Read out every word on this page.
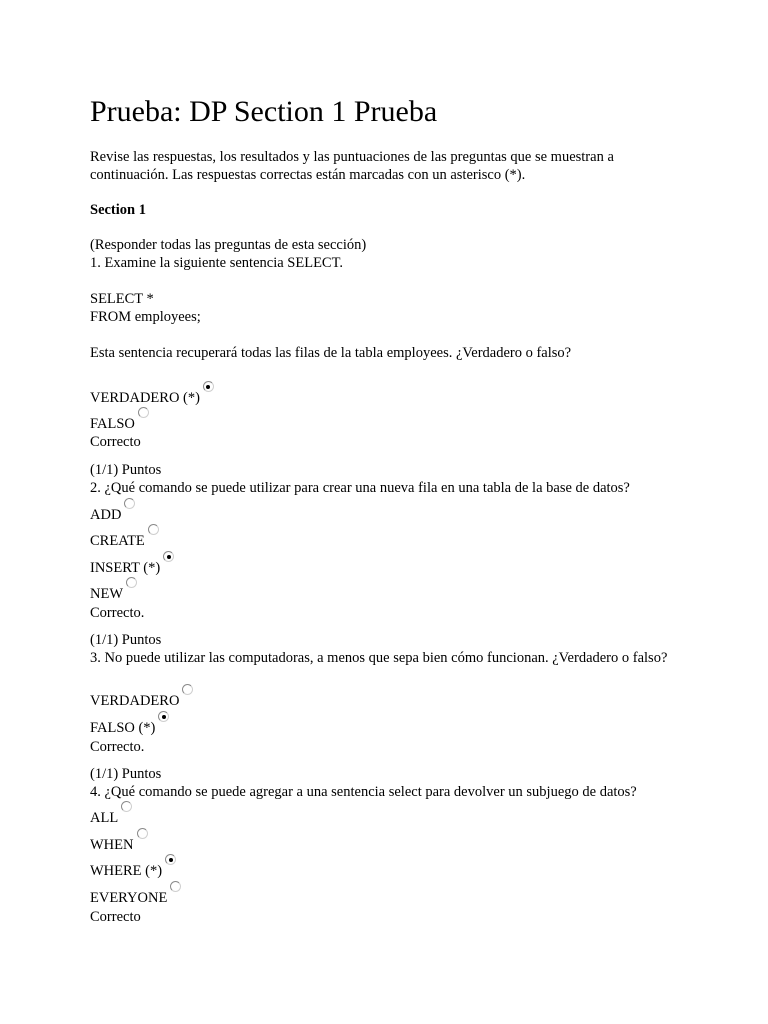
Prueba: DP Section 1 Prueba
Revise las respuestas, los resultados y las puntuaciones de las preguntas que se muestran a continuación. Las respuestas correctas están marcadas con un asterisco (*).
Section 1
(Responder todas las preguntas de esta sección)
1. Examine la siguiente sentencia SELECT.
SELECT *
FROM employees;
Esta sentencia recuperará todas las filas de la tabla employees. ¿Verdadero o falso?
VERDADERO (*)
FALSO
Correcto
(1/1) Puntos
2. ¿Qué comando se puede utilizar para crear una nueva fila en una tabla de la base de datos?
ADD
CREATE
INSERT (*)
NEW
Correcto.
(1/1) Puntos
3. No puede utilizar las computadoras, a menos que sepa bien cómo funcionan. ¿Verdadero o falso?
VERDADERO
FALSO (*)
Correcto.
(1/1) Puntos
4. ¿Qué comando se puede agregar a una sentencia select para devolver un subjuego de datos?
ALL
WHEN
WHERE (*)
EVERYONE
Correcto
